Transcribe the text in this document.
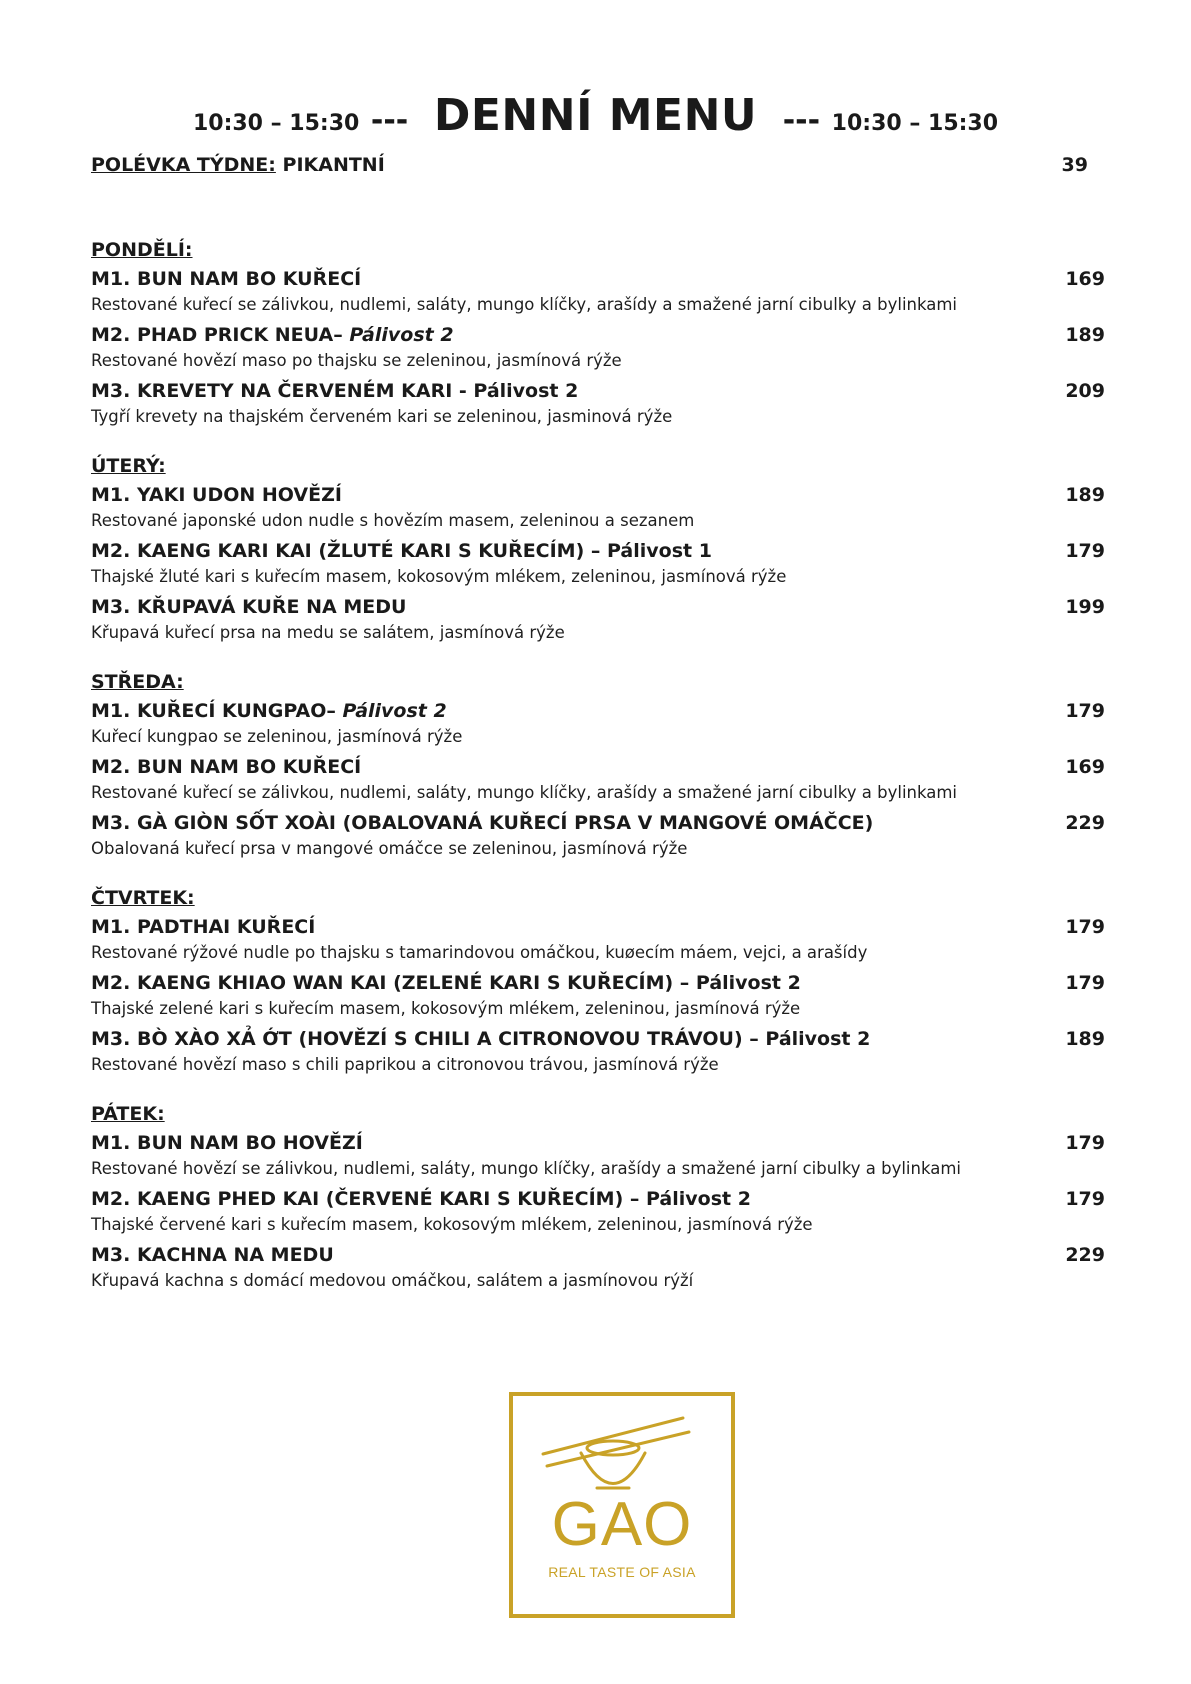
10:30 – 15:30 --- DENNÍ MENU --- 10:30 – 15:30
POLÉVKA TÝDNE: PIKANTNÍ	39
PONDĚLÍ:
M1. BUN NAM BO KUŘECÍ	169
Restované kuřecí se zálivkou, nudlemi, saláty, mungo klíčky, arašídy a smažené jarní cibulky a bylinkami
M2. PHAD PRICK NEUA– Pálivost 2	189
Restované hovězí maso po thajsku se zeleninou, jasmínová rýže
M3. KREVETY NA ČERVENÉM KARI - Pálivost 2	209
Tygří krevety na thajském červeném kari se zeleninou, jasminová rýže
ÚTERÝ:
M1. YAKI UDON HOVĚZÍ	189
Restované japonské udon nudle s hovězím masem, zeleninou a sezanem
M2. KAENG KARI KAI (ŽLUTÉ KARI S KUŘECÍM) – Pálivost 1	179
Thajské žluté kari s kuřecím masem, kokosovým mlékem, zeleninou, jasmínová rýže
M3. KŘUPAVÁ KUŘE NA MEDU	199
Křupavá kuřecí prsa na medu se salátem, jasmínová rýže
STŘEDA:
M1. KUŘECÍ KUNGPAO– Pálivost 2	179
Kuřecí kungpao se zeleninou, jasmínová rýže
M2. BUN NAM BO KUŘECÍ	169
Restované kuřecí se zálivkou, nudlemi, saláty, mungo klíčky, arašídy a smažené jarní cibulky a bylinkami
M3. GÀ GIÒN SỐT XOÀI (OBALOVANÁ KUŘECÍ PRSA V MANGOVÉ OMÁČCE)	229
Obalovaná kuřecí prsa v mangové omáčce se zeleninou, jasmínová rýže
ČTVRTEK:
M1. PADTHAI KUŘECÍ	179
Restované rýžové nudle po thajsku s tamarindovou omáčkou, kuøecím máem, vejci, a arašídy
M2. KAENG KHIAO WAN KAI (ZELENÉ KARI S KUŘECÍM) – Pálivost 2	179
Thajské zelené kari s kuřecím masem, kokosovým mlékem, zeleninou, jasmínová rýže
M3. BÒ XÀO XẢ ỚT (HOVĚZÍ S CHILI A CITRONOVOU TRÁVOU) – Pálivost 2	189
Restované hovězí maso s chili paprikou a citronovou trávou, jasmínová rýže
PÁTEK:
M1. BUN NAM BO HOVĚZÍ	179
Restované hovězí se zálivkou, nudlemi, saláty, mungo klíčky, arašídy a smažené jarní cibulky a bylinkami
M2. KAENG PHED KAI (ČERVENÉ KARI S KUŘECÍM) – Pálivost 2	179
Thajské červené kari s kuřecím masem, kokosovým mlékem, zeleninou, jasmínová rýže
M3. KACHNA NA MEDU	229
Křupavá kachna s domácí medovou omáčkou, salátem a jasmínovou rýží
GAO
REAL TASTE OF ASIA
